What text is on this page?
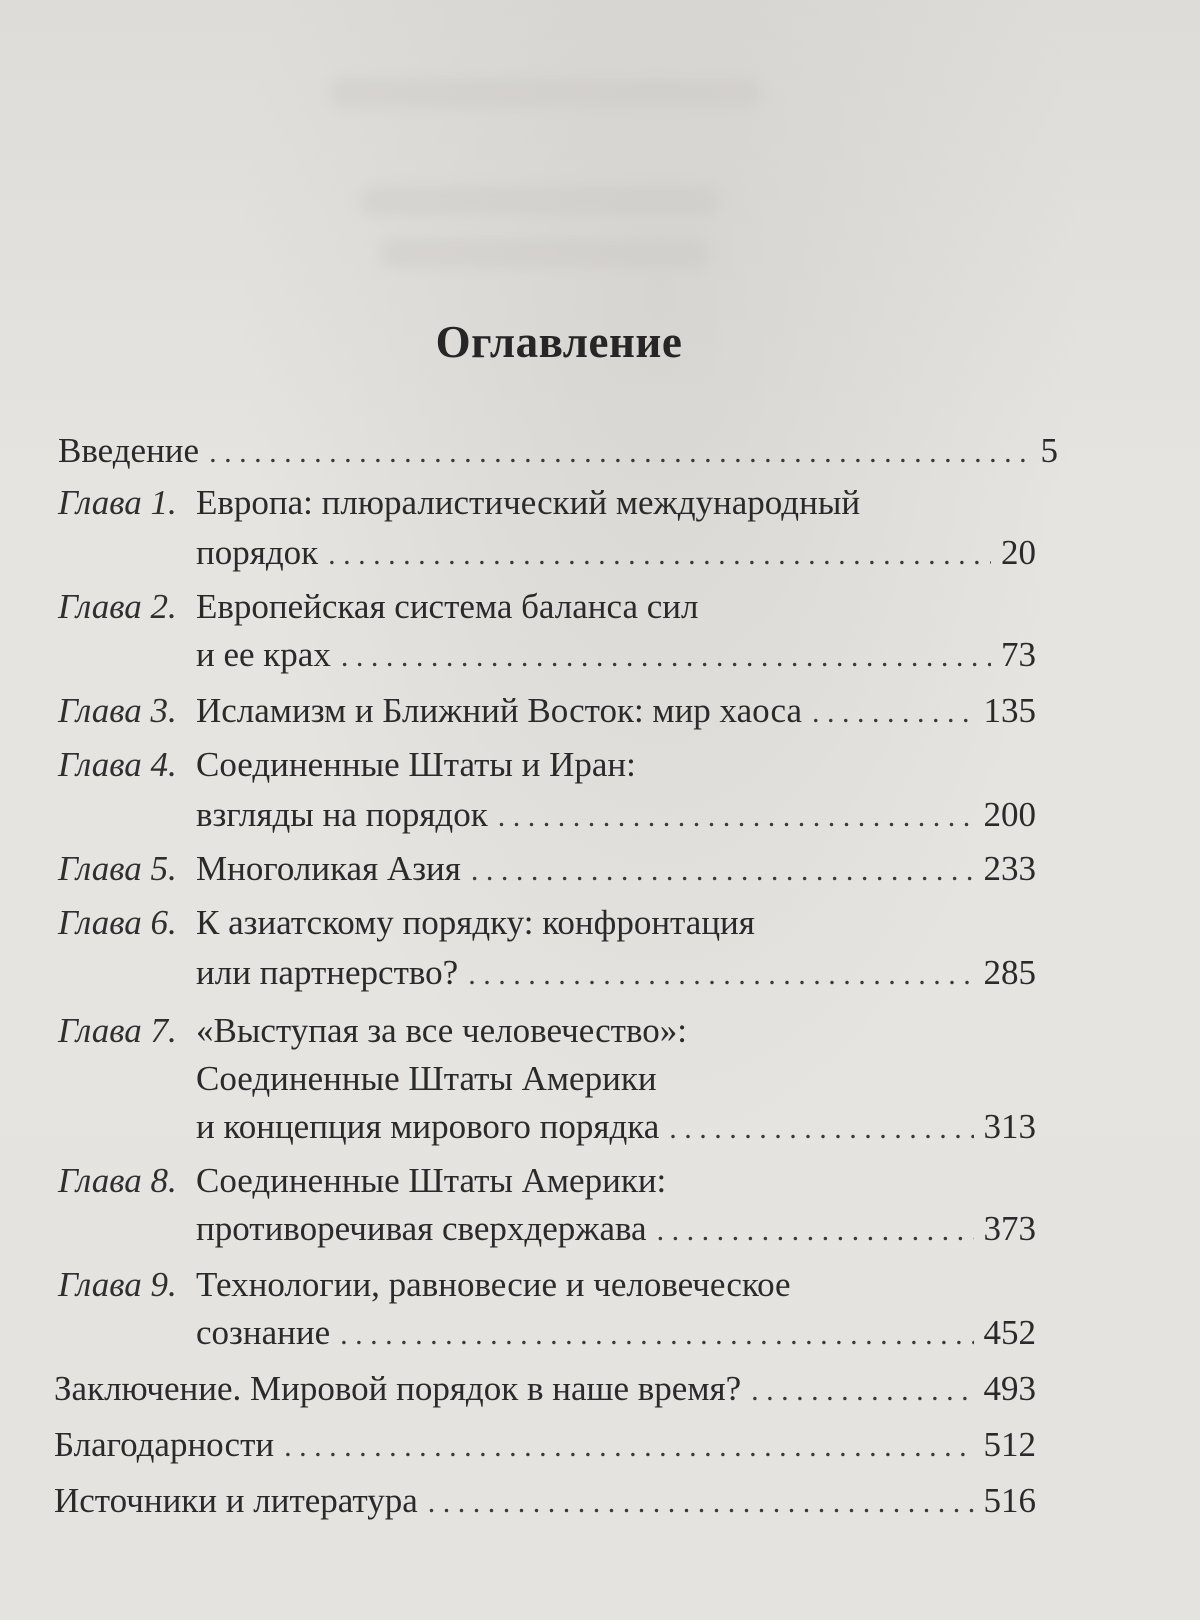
Оглавление
Введение . . .	5
Глава 1. Европа: плюралистический международный
порядок . . .	20
Глава 2. Европейская система баланса сил
и ее крах . . .	73
Глава 3. Исламизм и Ближний Восток: мир хаоса . . .	135
Глава 4. Соединенные Штаты и Иран:
взгляды на порядок . . .	200
Глава 5. Многоликая Азия . . .	233
Глава 6. К азиатскому порядку: конфронтация
или партнерство? . . .	285
Глава 7. «Выступая за все человечество»:
Соединенные Штаты Америки
и концепция мирового порядка . . .	313
Глава 8. Соединенные Штаты Америки:
противоречивая сверхдержава . . .	373
Глава 9. Технологии, равновесие и человеческое
сознание . . .	452
Заключение. Мировой порядок в наше время? . . .	493
Благодарности . . .	512
Источники и литература . . .	516
